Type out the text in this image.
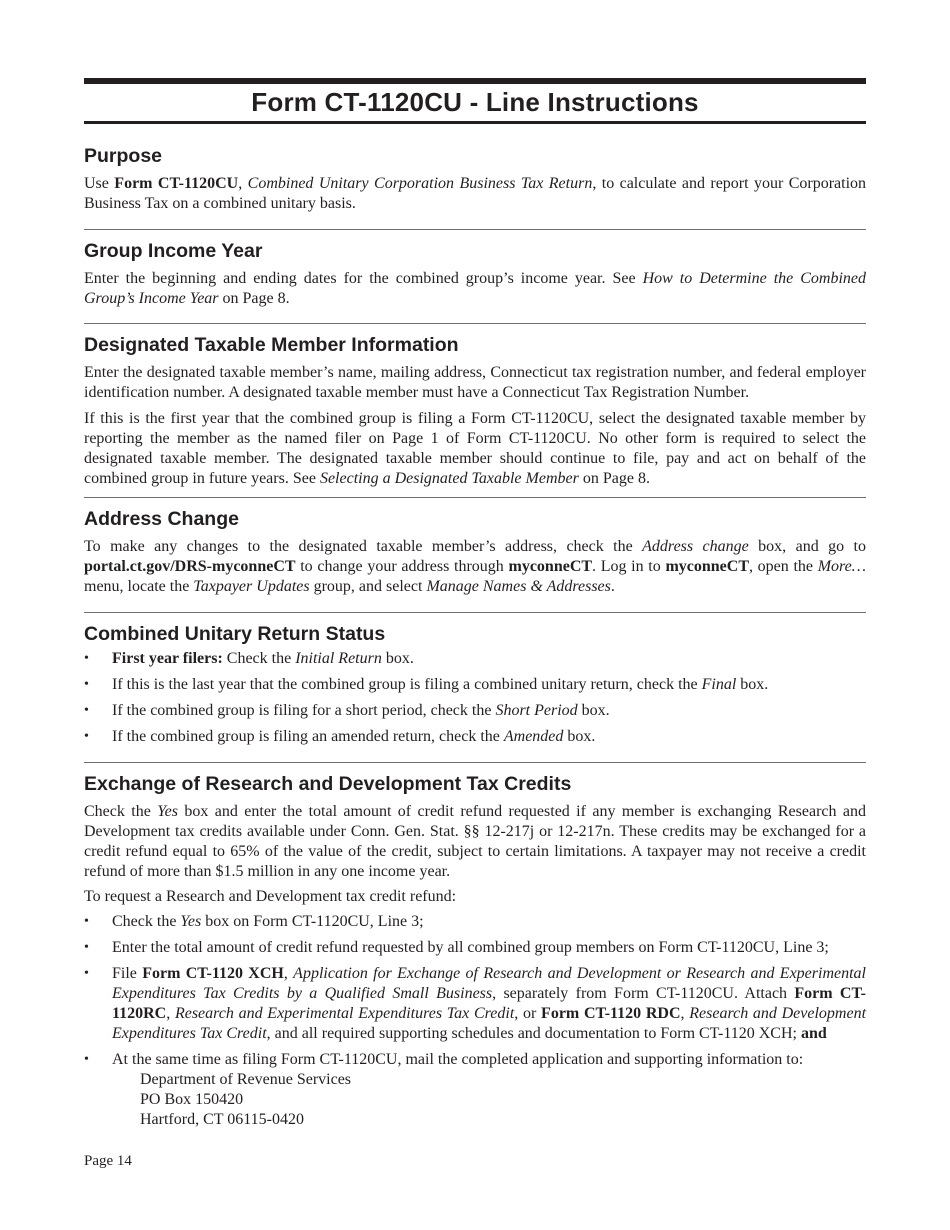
Form CT-1120CU - Line Instructions
Purpose

Use Form CT-1120CU, Combined Unitary Corporation Business Tax Return, to calculate and report your Corporation Business Tax on a combined unitary basis.

Group Income Year

Enter the beginning and ending dates for the combined group’s income year. See How to Determine the Combined Group’s Income Year on Page 8.

Designated Taxable Member Information

Enter the designated taxable member’s name, mailing address, Connecticut tax registration number, and federal employer identification number. A designated taxable member must have a Connecticut Tax Registration Number.

If this is the first year that the combined group is filing a Form CT-1120CU, select the designated taxable member by reporting the member as the named filer on Page 1 of Form CT-1120CU. No other form is required to select the designated taxable member. The designated taxable member should continue to file, pay and act on behalf of the combined group in future years. See Selecting a Designated Taxable Member on Page 8.

Address Change

To make any changes to the designated taxable member’s address, check the Address change box, and go to portal.ct.gov/DRS-myconneCT to change your address through myconneCT. Log in to myconneCT, open the More… menu, locate the Taxpayer Updates group, and select Manage Names & Addresses.

Combined Unitary Return Status
• First year filers: Check the Initial Return box.
• If this is the last year that the combined group is filing a combined unitary return, check the Final box.
• If the combined group is filing for a short period, check the Short Period box.
• If the combined group is filing an amended return, check the Amended box.
Exchange of Research and Development Tax Credits

Check the Yes box and enter the total amount of credit refund requested if any member is exchanging Research and Development tax credits available under Conn. Gen. Stat. §§ 12-217j or 12-217n. These credits may be exchanged for a credit refund equal to 65% of the value of the credit, subject to certain limitations. A taxpayer may not receive a credit refund of more than $1.5 million in any one income year.

To request a Research and Development tax credit refund:

• Check the Yes box on Form CT-1120CU, Line 3;
• Enter the total amount of credit refund requested by all combined group members on Form CT-1120CU, Line 3;
• File Form CT-1120 XCH, Application for Exchange of Research and Development or Research and Experimental Expenditures Tax Credits by a Qualified Small Business, separately from Form CT-1120CU. Attach Form CT-1120RC, Research and Experimental Expenditures Tax Credit, or Form CT-1120 RDC, Research and Development Expenditures Tax Credit, and all required supporting schedules and documentation to Form CT-1120 XCH; and
• At the same time as filing Form CT-1120CU, mail the completed application and supporting information to:
Department of Revenue Services
PO Box 150420
Hartford, CT 06115-0420
Page 14
